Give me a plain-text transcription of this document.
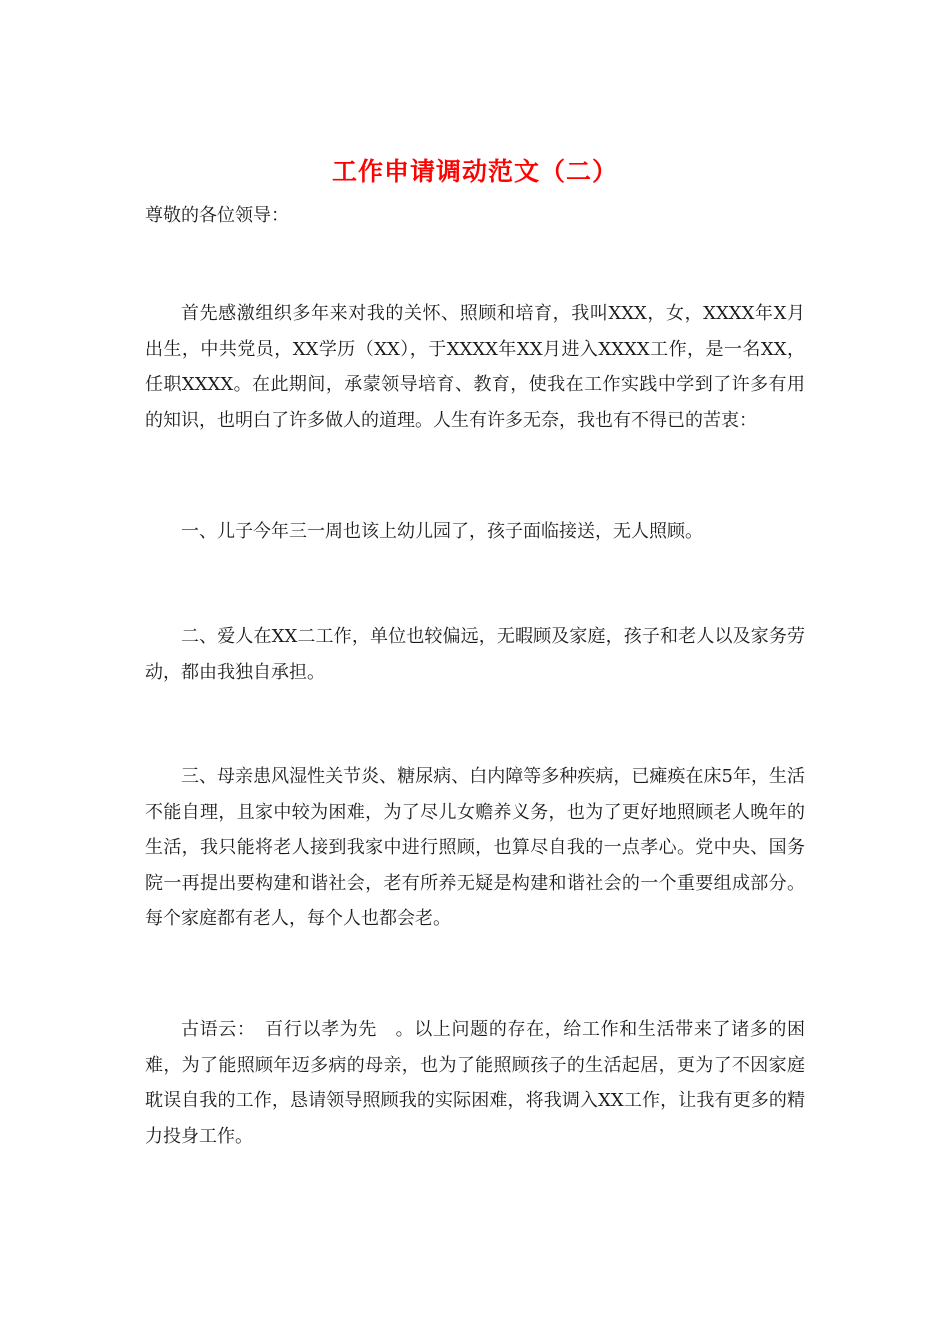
工作申请调动范文（二）

尊敬的各位领导：

首先感激组织多年来对我的关怀、照顾和培育，我叫XXX，女，XXXX年X月出生，中共党员，XX学历（XX），于XXXX年XX月进入XXXX工作，是一名XX，任职XXXX。在此期间，承蒙领导培育、教育，使我在工作实践中学到了许多有用的知识，也明白了许多做人的道理。人生有许多无奈，我也有不得已的苦衷：

一、儿子今年三一周也该上幼儿园了，孩子面临接送，无人照顾。

二、爱人在XX二工作，单位也较偏远，无暇顾及家庭，孩子和老人以及家务劳动，都由我独自承担。

三、母亲患风湿性关节炎、糖尿病、白内障等多种疾病，已瘫痪在床5年，生活不能自理，且家中较为困难，为了尽儿女赡养义务，也为了更好地照顾老人晚年的生活，我只能将老人接到我家中进行照顾，也算尽自我的一点孝心。党中央、国务院一再提出要构建和谐社会，老有所养无疑是构建和谐社会的一个重要组成部分。每个家庭都有老人，每个人也都会老。

古语云：　百行以孝为先　。以上问题的存在，给工作和生活带来了诸多的困难，为了能照顾年迈多病的母亲，也为了能照顾孩子的生活起居，更为了不因家庭耽误自我的工作，恳请领导照顾我的实际困难，将我调入XX工作，让我有更多的精力投身工作。
